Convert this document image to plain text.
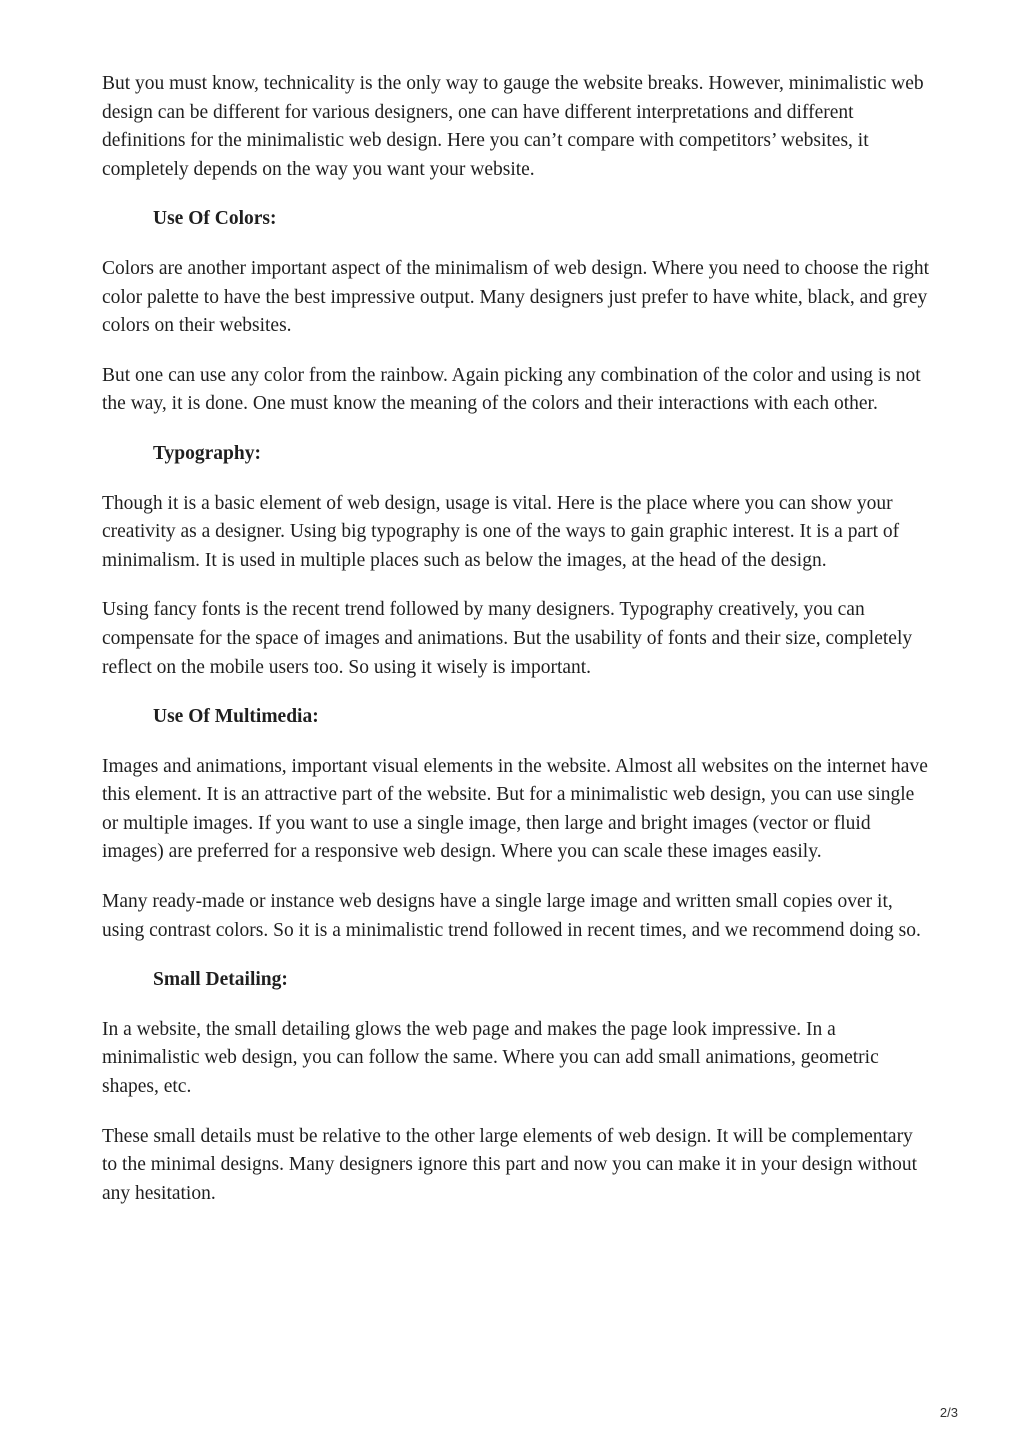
But you must know, technicality is the only way to gauge the website breaks. However, minimalistic web design can be different for various designers, one can have different interpretations and different definitions for the minimalistic web design. Here you can’t compare with competitors’ websites, it completely depends on the way you want your website.

Use Of Colors:

Colors are another important aspect of the minimalism of web design. Where you need to choose the right color palette to have the best impressive output. Many designers just prefer to have white, black, and grey colors on their websites.

But one can use any color from the rainbow. Again picking any combination of the color and using is not the way, it is done. One must know the meaning of the colors and their interactions with each other.

Typography:

Though it is a basic element of web design, usage is vital. Here is the place where you can show your creativity as a designer. Using big typography is one of the ways to gain graphic interest. It is a part of minimalism. It is used in multiple places such as below the images, at the head of the design.

Using fancy fonts is the recent trend followed by many designers. Typography creatively, you can compensate for the space of images and animations. But the usability of fonts and their size, completely reflect on the mobile users too. So using it wisely is important.

Use Of Multimedia:

Images and animations, important visual elements in the website. Almost all websites on the internet have this element. It is an attractive part of the website. But for a minimalistic web design, you can use single or multiple images. If you want to use a single image, then large and bright images (vector or fluid images) are preferred for a responsive web design. Where you can scale these images easily.

Many ready-made or instance web designs have a single large image and written small copies over it, using contrast colors. So it is a minimalistic trend followed in recent times, and we recommend doing so.

Small Detailing:

In a website, the small detailing glows the web page and makes the page look impressive. In a minimalistic web design, you can follow the same. Where you can add small animations, geometric shapes, etc.

These small details must be relative to the other large elements of web design. It will be complementary to the minimal designs. Many designers ignore this part and now you can make it in your design without any hesitation.

2/3
